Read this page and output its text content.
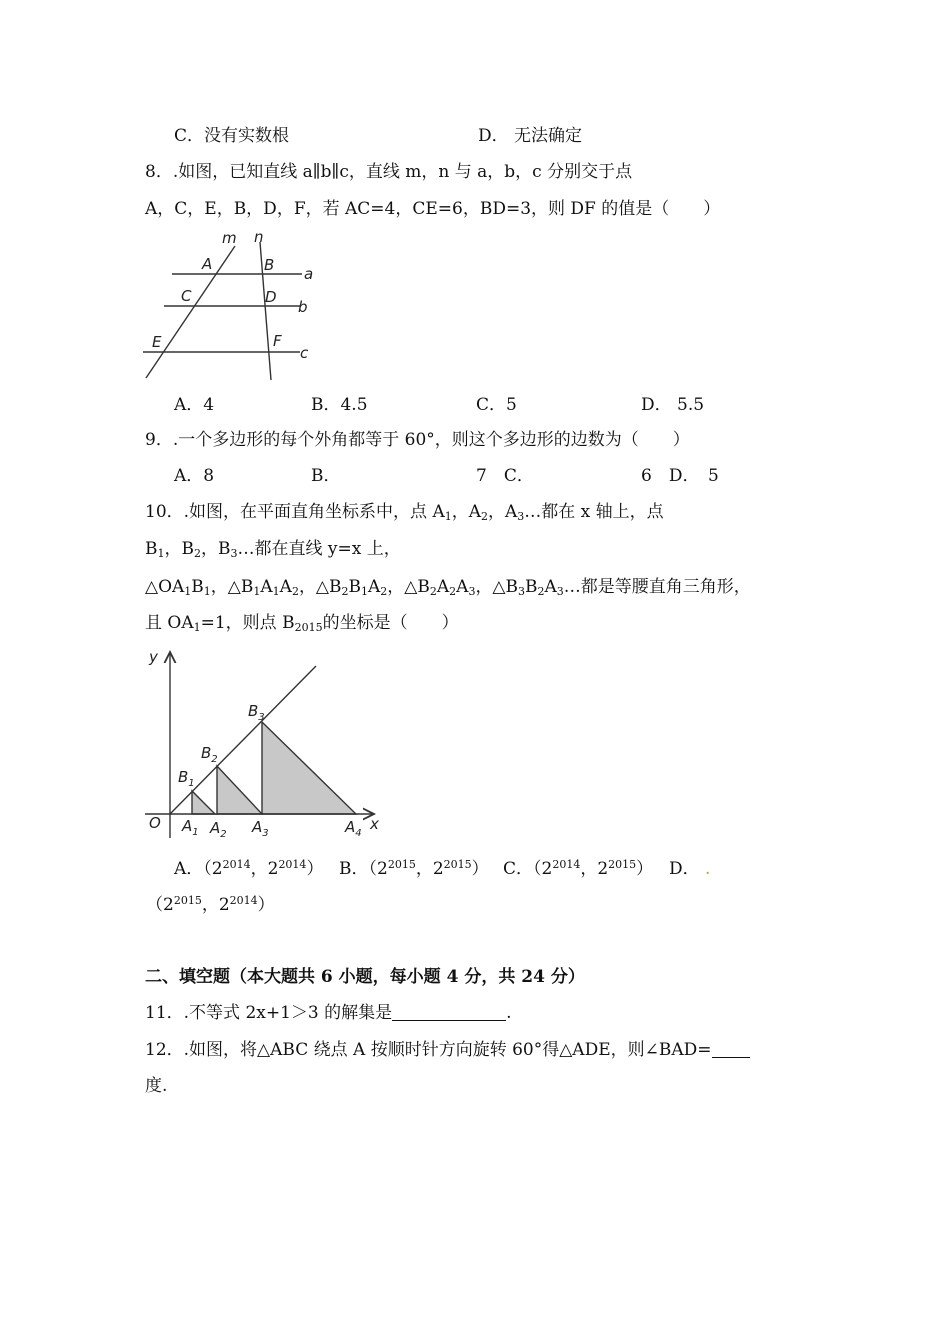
C．没有实数根	D． 无法确定
8．.如图，已知直线 a∥b∥c，直线 m，n 与 a，b，c 分别交于点
A，C，E，B，D，F，若 AC=4，CE=6，BD=3，则 DF 的值是（　　）
m n
A	B
C	D
E	F
a
b
c
A．4	B．4.5	C．5	D． 5.5
9．.一个多边形的每个外角都等于 60°，则这个多边形的边数为（　　）
A．8	B．	7　C．	6　D．　5
10．.如图，在平面直角坐标系中，点 $A_1$，$A_2$，$A_3\dots$都在 x 轴上，点
$B_1$，$B_2$，$B_3\dots$都在直线 y=x 上，
$\triangle OA_1B_1$，$\triangle B_1A_1A_2$，$\triangle B_2B_1A_2$，$\triangle B_2A_2A_3$，$\triangle B_3B_2A_3\dots$都是等腰直角三角形，
且 $OA_1=1$，则点 $B_{2015}$的坐标是（　　）
y
x
O $A_1$ $A_2$ $A_3$	$A_4$
$B_1$
$B_2$
$B_3$
A．（$2^{2014}$，$2^{2014}$） B．（$2^{2015}$，$2^{2015}$） C．（$2^{2014}$，$2^{2015}$） D． .
（$2^{2015}$，$2^{2014}$）
二、填空题（本大题共 6 小题，每小题 4 分，共 24 分）
11．.不等式 2x+1＞3 的解集是	.
12．.如图，将△ABC 绕点 A 按顺时针方向旋转 60°得△ADE，则∠BAD=
度.
